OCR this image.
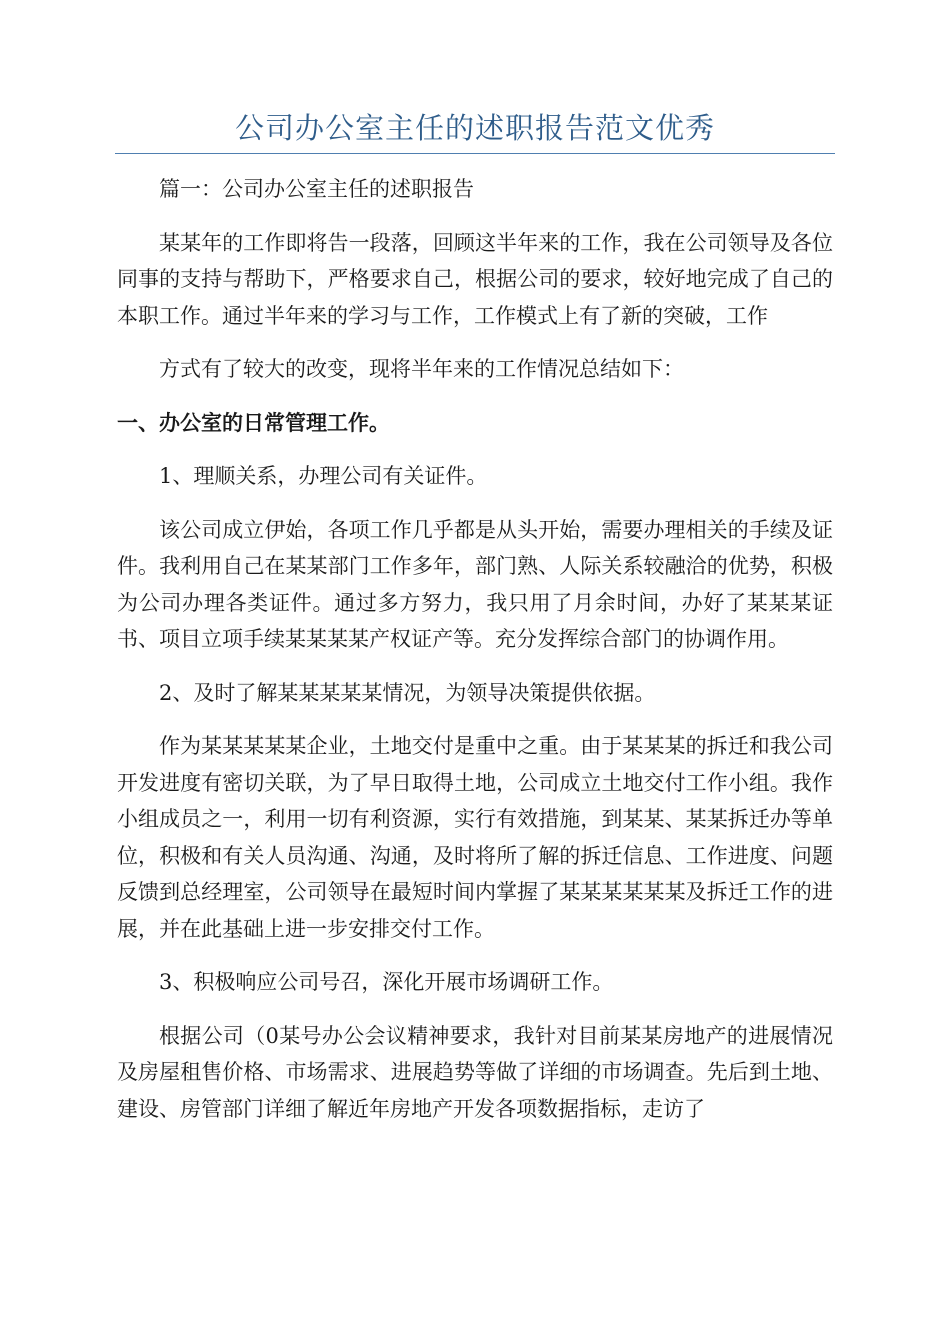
公司办公室主任的述职报告范文优秀

篇一：公司办公室主任的述职报告

某某年的工作即将告一段落，回顾这半年来的工作，我在公司领导及各位同事的支持与帮助下，严格要求自己，根据公司的要求，较好地完成了自己的本职工作。通过半年来的学习与工作，工作模式上有了新的突破，工作

方式有了较大的改变，现将半年来的工作情况总结如下：

一、办公室的日常管理工作。

1、理顺关系，办理公司有关证件。

该公司成立伊始，各项工作几乎都是从头开始，需要办理相关的手续及证件。我利用自己在某某部门工作多年，部门熟、人际关系较融洽的优势，积极为公司办理各类证件。通过多方努力，我只用了月余时间，办好了某某某证书、项目立项手续某某某某产权证产等。充分发挥综合部门的协调作用。

2、及时了解某某某某某情况，为领导决策提供依据。

作为某某某某某企业，土地交付是重中之重。由于某某某的拆迁和我公司开发进度有密切关联，为了早日取得土地，公司成立土地交付工作小组。我作小组成员之一，利用一切有利资源，实行有效措施，到某某、某某拆迁办等单位，积极和有关人员沟通、沟通，及时将所了解的拆迁信息、工作进度、问题反馈到总经理室，公司领导在最短时间内掌握了某某某某某某及拆迁工作的进展，并在此基础上进一步安排交付工作。

3、积极响应公司号召，深化开展市场调研工作。

根据公司（0某号办公会议精神要求，我针对目前某某房地产的进展情况及房屋租售价格、市场需求、进展趋势等做了详细的市场调查。先后到土地、建设、房管部门详细了解近年房地产开发各项数据指标，走访了
